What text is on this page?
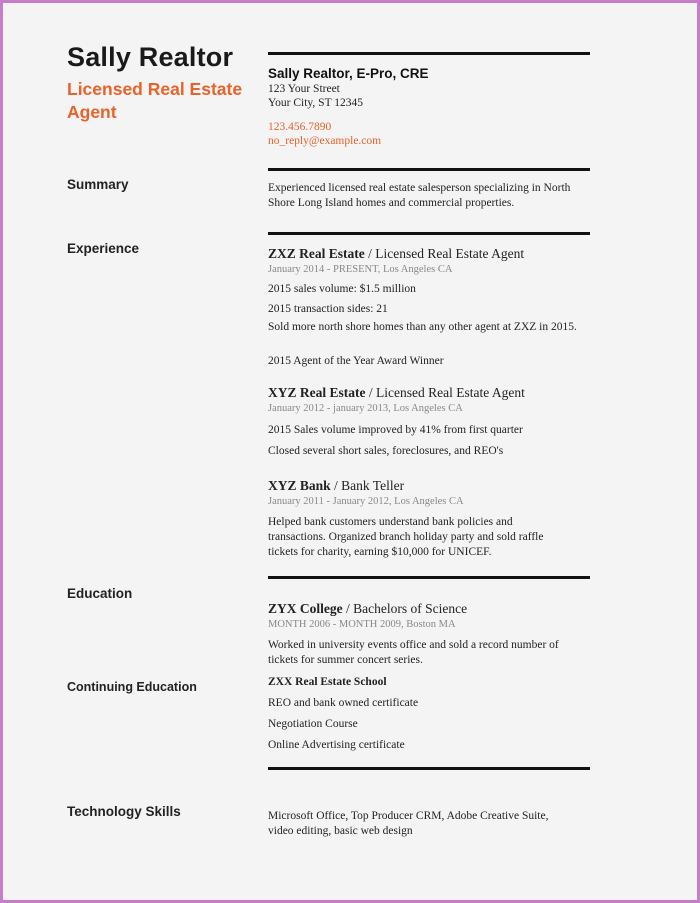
Sally Realtor
Licensed Real Estate Agent
Sally Realtor, E-Pro, CRE
123 Your Street
Your City, ST 12345
123.456.7890
no_reply@example.com
Summary	Experienced licensed real estate salesperson specializing in North Shore Long Island homes and commercial properties.
Experience	ZXZ Real Estate / Licensed Real Estate Agent
January 2014 - PRESENT, Los Angeles CA
2015 sales volume: $1.5 million
2015 transaction sides: 21
Sold more north shore homes than any other agent at ZXZ in 2015.
2015 Agent of the Year Award Winner
XYZ Real Estate / Licensed Real Estate Agent
January 2012 - january 2013, Los Angeles CA
2015 Sales volume improved by 41% from first quarter
Closed several short sales, foreclosures, and REO's
XYZ Bank / Bank Teller
January 2011 - January 2012, Los Angeles CA
Helped bank customers understand bank policies and transactions. Organized branch holiday party and sold raffle tickets for charity, earning $10,000 for UNICEF.
Education
ZYX College / Bachelors of Science
MONTH 2006 - MONTH 2009, Boston MA
Worked in university events office and sold a record number of tickets for summer concert series.
Continuing Education	ZXX Real Estate School
REO and bank owned certificate
Negotiation Course
Online Advertising certificate
Technology Skills	Microsoft Office, Top Producer CRM, Adobe Creative Suite, video editing, basic web design
